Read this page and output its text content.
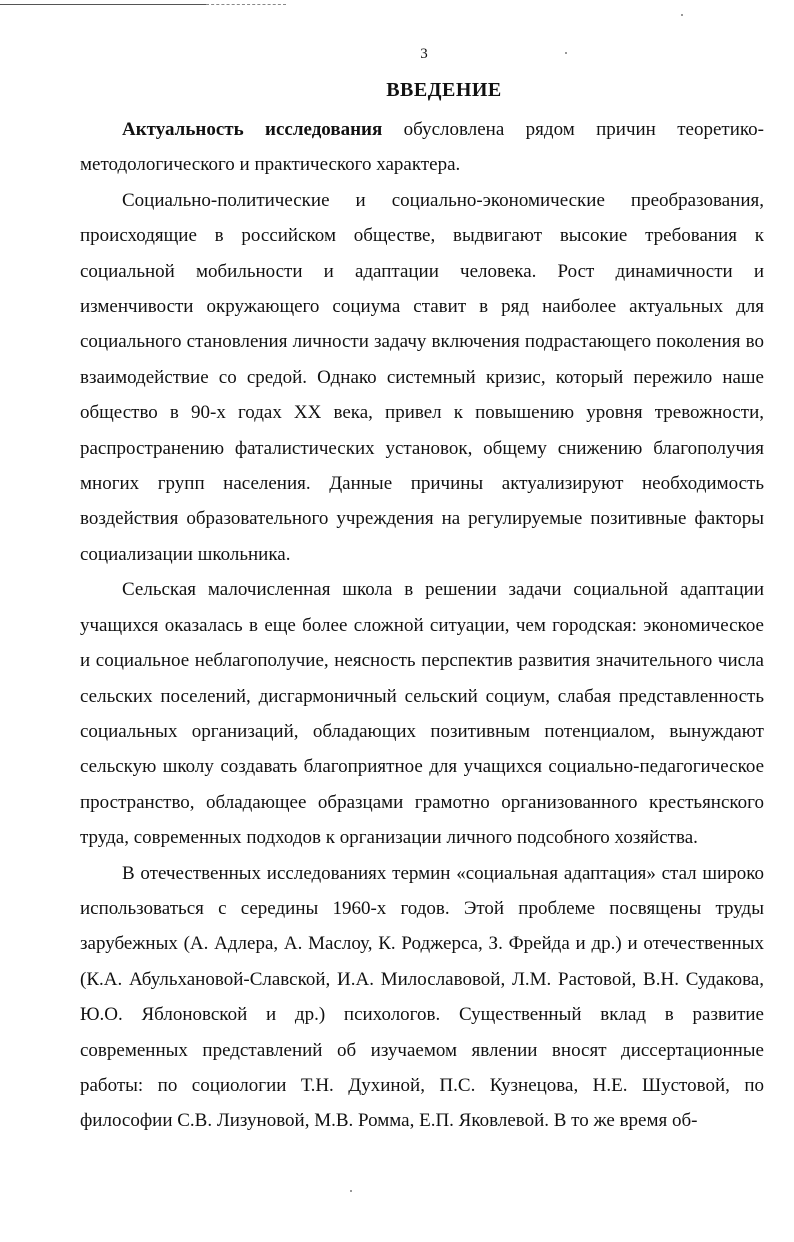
3
ВВЕДЕНИЕ

Актуальность исследования обусловлена рядом причин теоретико-методологического и практического характера.

Социально-политические и социально-экономические преобразования, происходящие в российском обществе, выдвигают высокие требования к социальной мобильности и адаптации человека. Рост динамичности и изменчивости окружающего социума ставит в ряд наиболее актуальных для социального становления личности задачу включения подрастающего поколения во взаимодействие со средой. Однако системный кризис, который пережило наше общество в 90-х годах XX века, привел к повышению уровня тревожности, распространению фаталистических установок, общему снижению благополучия многих групп населения. Данные причины актуализируют необходимость воздействия образовательного учреждения на регулируемые позитивные факторы социализации школьника.

Сельская малочисленная школа в решении задачи социальной адаптации учащихся оказалась в еще более сложной ситуации, чем городская: экономическое и социальное неблагополучие, неясность перспектив развития значительного числа сельских поселений, дисгармоничный сельский социум, слабая представленность социальных организаций, обладающих позитивным потенциалом, вынуждают сельскую школу создавать благоприятное для учащихся социально-педагогическое пространство, обладающее образцами грамотно организованного крестьянского труда, современных подходов к организации личного подсобного хозяйства.

В отечественных исследованиях термин «социальная адаптация» стал широко использоваться с середины 1960-х годов. Этой проблеме посвящены труды зарубежных (А. Адлера, А. Маслоу, К. Роджерса, З. Фрейда и др.) и отечественных (К.А. Абульхановой-Славской, И.А. Милославовой, Л.М. Растовой, В.Н. Судакова, Ю.О. Яблоновской и др.) психологов. Существенный вклад в развитие современных представлений об изучаемом явлении вносят диссертационные работы: по социологии Т.Н. Духиной, П.С. Кузнецова, Н.Е. Шустовой, по философии С.В. Лизуновой, М.В. Ромма, Е.П. Яковлевой. В то же время об-
